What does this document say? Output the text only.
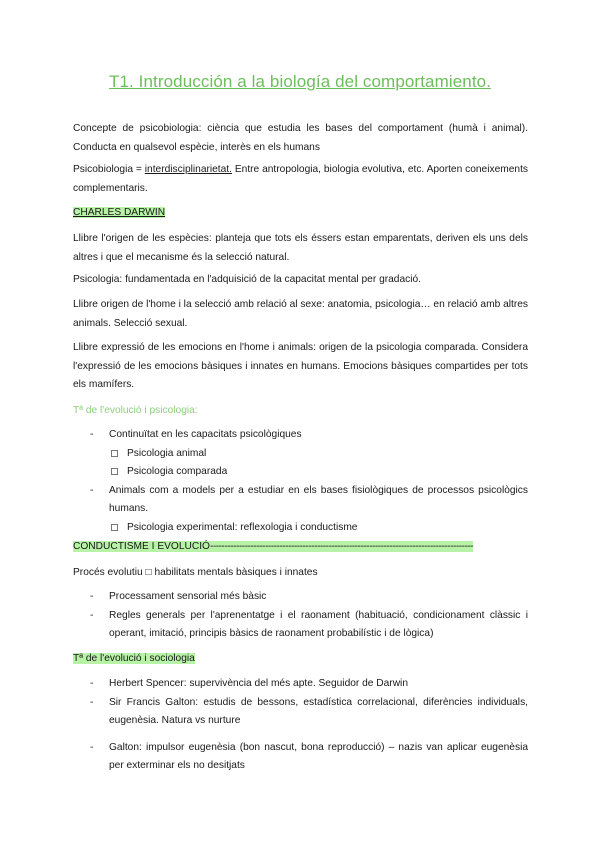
T1. Introducción a la biología del comportamiento.
Concepte de psicobiologia: ciència que estudia les bases del comportament (humà i animal). Conducta en qualsevol espècie, interès en els humans
Psicobiologia = interdisciplinarietat. Entre antropologia, biologia evolutiva, etc. Aporten coneixements complementaris.
CHARLES DARWIN
Llibre l'origen de les espècies: planteja que tots els éssers estan emparentats, deriven els uns dels altres i que el mecanisme és la selecció natural.
Psicologia: fundamentada en l'adquisició de la capacitat mental per gradació.
Llibre origen de l'home i la selecció amb relació al sexe: anatomia, psicologia… en relació amb altres animals. Selecció sexual.
Llibre expressió de les emocions en l'home i animals: origen de la psicologia comparada. Considera l'expressió de les emocions bàsiques i innates en humans. Emocions bàsiques compartides per tots els mamífers.
Tª de l'evolució i psicologia:
- Continuïtat en les capacitats psicològiques
Psicologia animal
Psicologia comparada
- Animals com a models per a estudiar en els bases fisiològiques de processos psicològics humans.
Psicologia experimental: reflexologia i conductisme
CONDUCTISME I EVOLUCIÓ-------------------------------------------------------------------------------------------
Procés evolutiu □ habilitats mentals bàsiques i innates
- Processament sensorial més bàsic
- Regles generals per l'aprenentatge i el raonament (habituació, condicionament clàssic i operant, imitació, principis bàsics de raonament probabilístic i de lògica)
Tª de l'evolució i sociologia
- Herbert Spencer: supervivència del més apte. Seguidor de Darwin
- Sir Francis Galton: estudis de bessons, estadística correlacional, diferències individuals, eugenèsia. Natura vs nurture
- Galton: impulsor eugenèsia (bon nascut, bona reproducció) – nazis van aplicar eugenèsia per exterminar els no desitjats
